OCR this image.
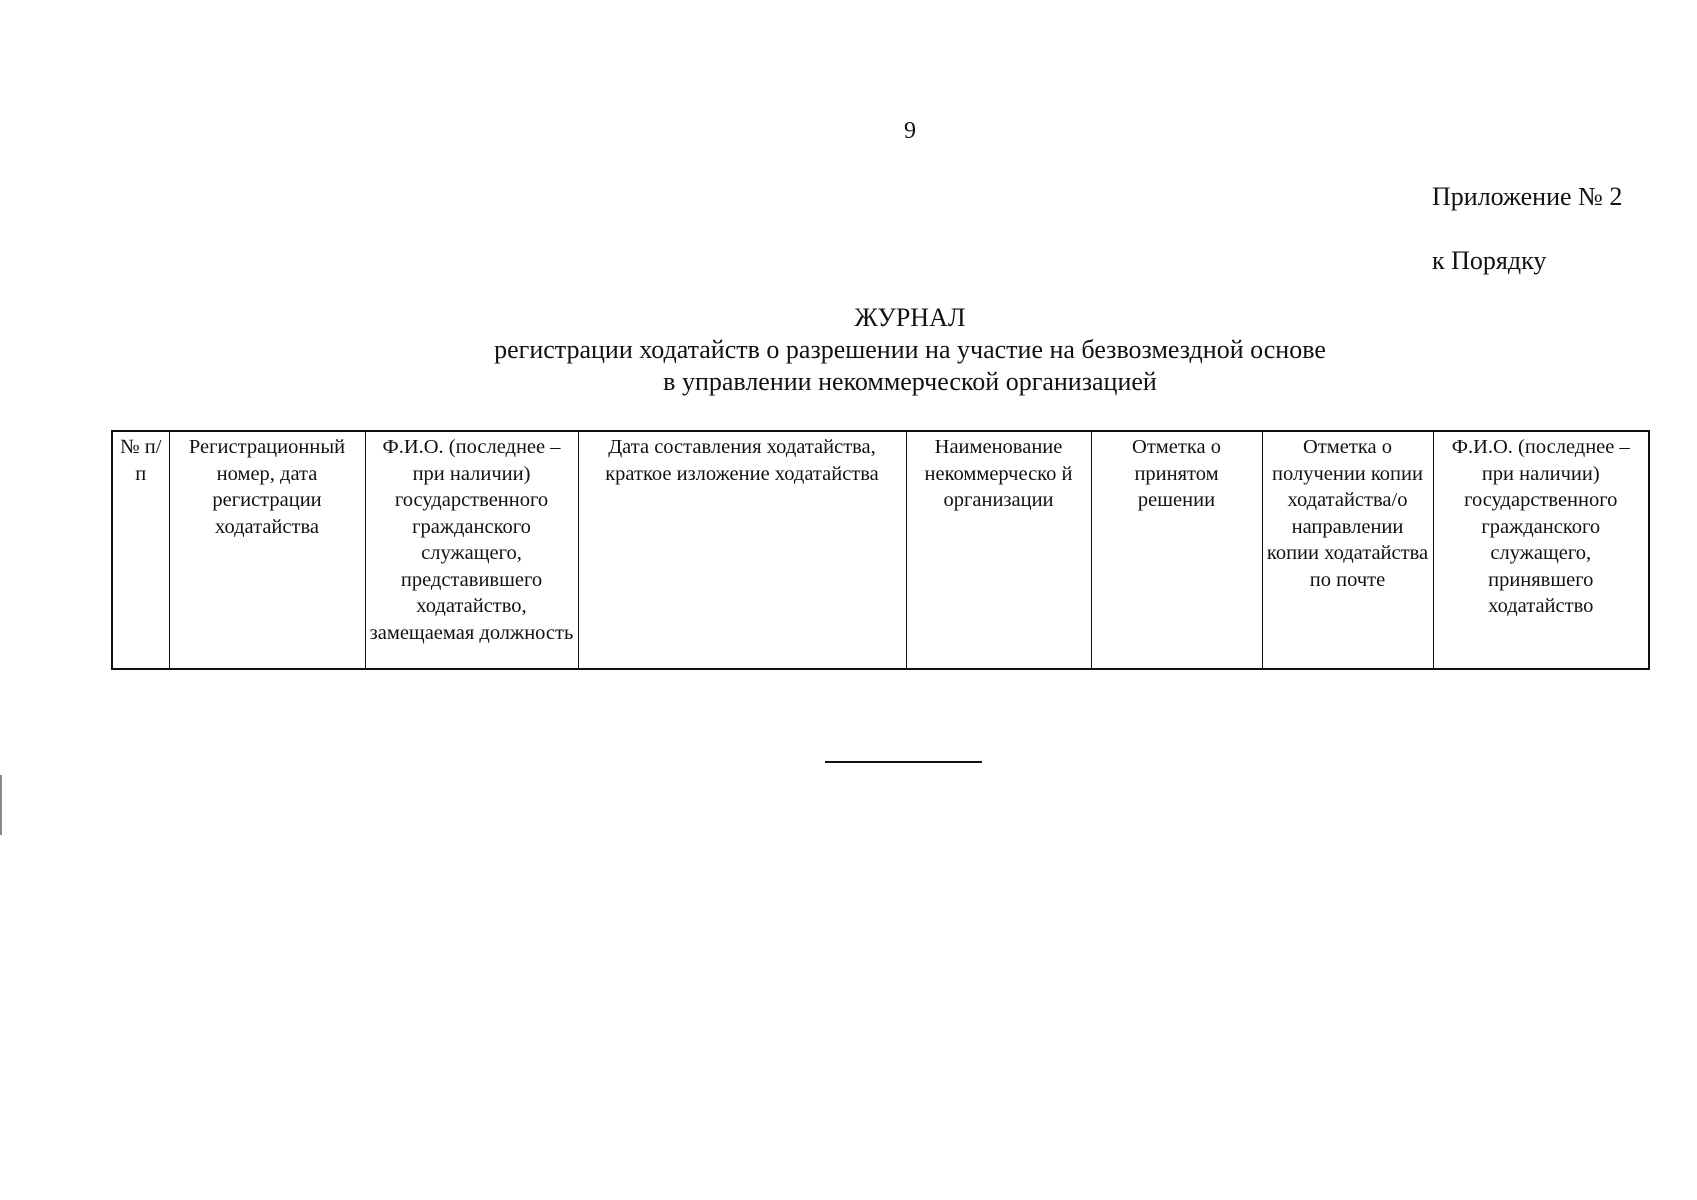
9
Приложение № 2
к Порядку
ЖУРНАЛ
регистрации ходатайств о разрешении на участие на безвозмездной основе
в управлении некоммерческой организацией
№ п/п	Регистрационный номер, дата регистрации ходатайства	Ф.И.О. (последнее – при наличии) государственного гражданского служащего, представившего ходатайство, замещаемая должность	Дата составления ходатайства, краткое изложение ходатайства	Наименование некоммерческо й организации	Отметка о принятом решении	Отметка о получении копии ходатайства/о направлении копии ходатайства по почте	Ф.И.О. (последнее – при наличии) государственного гражданского служащего, принявшего ходатайство
